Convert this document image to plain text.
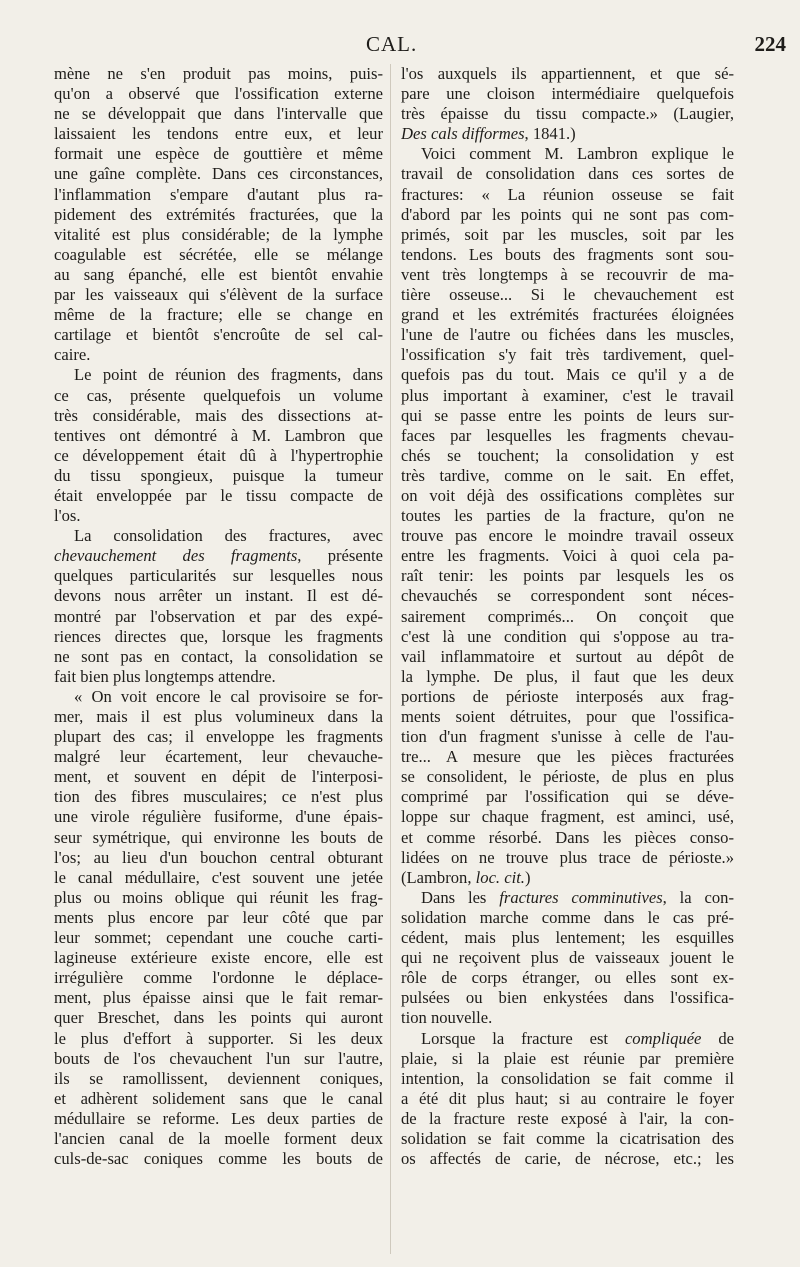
CAL.	224
mène ne s'en produit pas moins, puis-
qu'on a observé que l'ossification externe
ne se développait que dans l'intervalle que
laissaient les tendons entre eux, et leur
formait une espèce de gouttière et même
une gaîne complète. Dans ces circonstances,
l'inflammation s'empare d'autant plus ra-
pidement des extrémités fracturées, que la
vitalité est plus considérable; de la lymphe
coagulable est sécrétée, elle se mélange
au sang épanché, elle est bientôt envahie
par les vaisseaux qui s'élèvent de la surface
même de la fracture; elle se change en
cartilage et bientôt s'encroûte de sel cal-
caire.
Le point de réunion des fragments, dans
ce cas, présente quelquefois un volume
très considérable, mais des dissections at-
tentives ont démontré à M. Lambron que
ce développement était dû à l'hypertrophie
du tissu spongieux, puisque la tumeur
était enveloppée par le tissu compacte de
l'os.
La consolidation des fractures, avec
chevauchement des fragments, présente
quelques particularités sur lesquelles nous
devons nous arrêter un instant. Il est dé-
montré par l'observation et par des expé-
riences directes que, lorsque les fragments
ne sont pas en contact, la consolidation se
fait bien plus longtemps attendre.
« On voit encore le cal provisoire se for-
mer, mais il est plus volumineux dans la
plupart des cas; il enveloppe les fragments
malgré leur écartement, leur chevauche-
ment, et souvent en dépit de l'interposi-
tion des fibres musculaires; ce n'est plus
une virole régulière fusiforme, d'une épais-
seur symétrique, qui environne les bouts de
l'os; au lieu d'un bouchon central obturant
le canal médullaire, c'est souvent une jetée
plus ou moins oblique qui réunit les frag-
ments plus encore par leur côté que par
leur sommet; cependant une couche carti-
lagineuse extérieure existe encore, elle est
irrégulière comme l'ordonne le déplace-
ment, plus épaisse ainsi que le fait remar-
quer Breschet, dans les points qui auront
le plus d'effort à supporter. Si les deux
bouts de l'os chevauchent l'un sur l'autre,
ils se ramollissent, deviennent coniques,
et adhèrent solidement sans que le canal
médullaire se reforme. Les deux parties de
l'ancien canal de la moelle forment deux
culs-de-sac coniques comme les bouts de
l'os auxquels ils appartiennent, et que sé-
pare une cloison intermédiaire quelquefois
très épaisse du tissu compacte.» (Laugier,
Des cals difformes, 1841.)
Voici comment M. Lambron explique le
travail de consolidation dans ces sortes de
fractures: « La réunion osseuse se fait
d'abord par les points qui ne sont pas com-
primés, soit par les muscles, soit par les
tendons. Les bouts des fragments sont sou-
vent très longtemps à se recouvrir de ma-
tière osseuse... Si le chevauchement est
grand et les extrémités fracturées éloignées
l'une de l'autre ou fichées dans les muscles,
l'ossification s'y fait très tardivement, quel-
quefois pas du tout. Mais ce qu'il y a de
plus important à examiner, c'est le travail
qui se passe entre les points de leurs sur-
faces par lesquelles les fragments chevau-
chés se touchent; la consolidation y est
très tardive, comme on le sait. En effet,
on voit déjà des ossifications complètes sur
toutes les parties de la fracture, qu'on ne
trouve pas encore le moindre travail osseux
entre les fragments. Voici à quoi cela pa-
raît tenir: les points par lesquels les os
chevauchés se correspondent sont néces-
sairement comprimés... On conçoit que
c'est là une condition qui s'oppose au tra-
vail inflammatoire et surtout au dépôt de
la lymphe. De plus, il faut que les deux
portions de périoste interposés aux frag-
ments soient détruites, pour que l'ossifica-
tion d'un fragment s'unisse à celle de l'au-
tre... A mesure que les pièces fracturées
se consolident, le périoste, de plus en plus
comprimé par l'ossification qui se déve-
loppe sur chaque fragment, est aminci, usé,
et comme résorbé. Dans les pièces conso-
lidées on ne trouve plus trace de périoste.»
(Lambron, loc. cit.)
Dans les fractures comminutives, la con-
solidation marche comme dans le cas pré-
cédent, mais plus lentement; les esquilles
qui ne reçoivent plus de vaisseaux jouent le
rôle de corps étranger, ou elles sont ex-
pulsées ou bien enkystées dans l'ossifica-
tion nouvelle.
Lorsque la fracture est compliquée de
plaie, si la plaie est réunie par première
intention, la consolidation se fait comme il
a été dit plus haut; si au contraire le foyer
de la fracture reste exposé à l'air, la con-
solidation se fait comme la cicatrisation des
os affectés de carie, de nécrose, etc.; les
